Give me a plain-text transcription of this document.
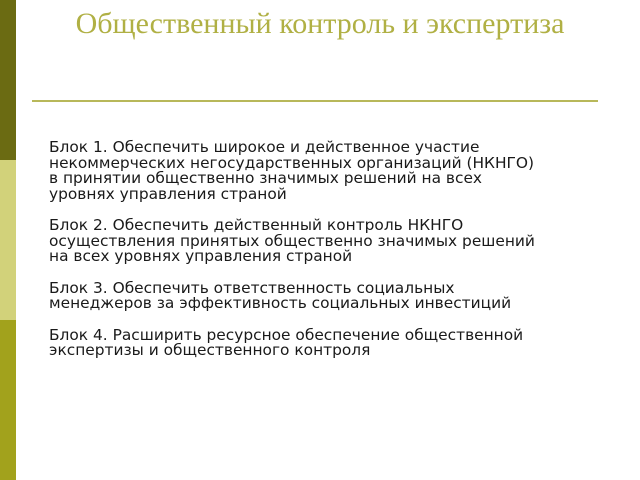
Общественный контроль и экспертиза

Блок 1. Обеспечить широкое и действенное участие
некоммерческих негосударственных организаций (НКНГО)
в принятии общественно значимых решений на всех
уровнях управления страной

Блок 2. Обеспечить действенный контроль НКНГО
осуществления принятых общественно значимых решений
на всех уровнях управления страной

Блок 3. Обеспечить ответственность социальных
менеджеров за эффективность социальных инвестиций

Блок 4. Расширить ресурсное обеспечение общественной
экспертизы и общественного контроля
